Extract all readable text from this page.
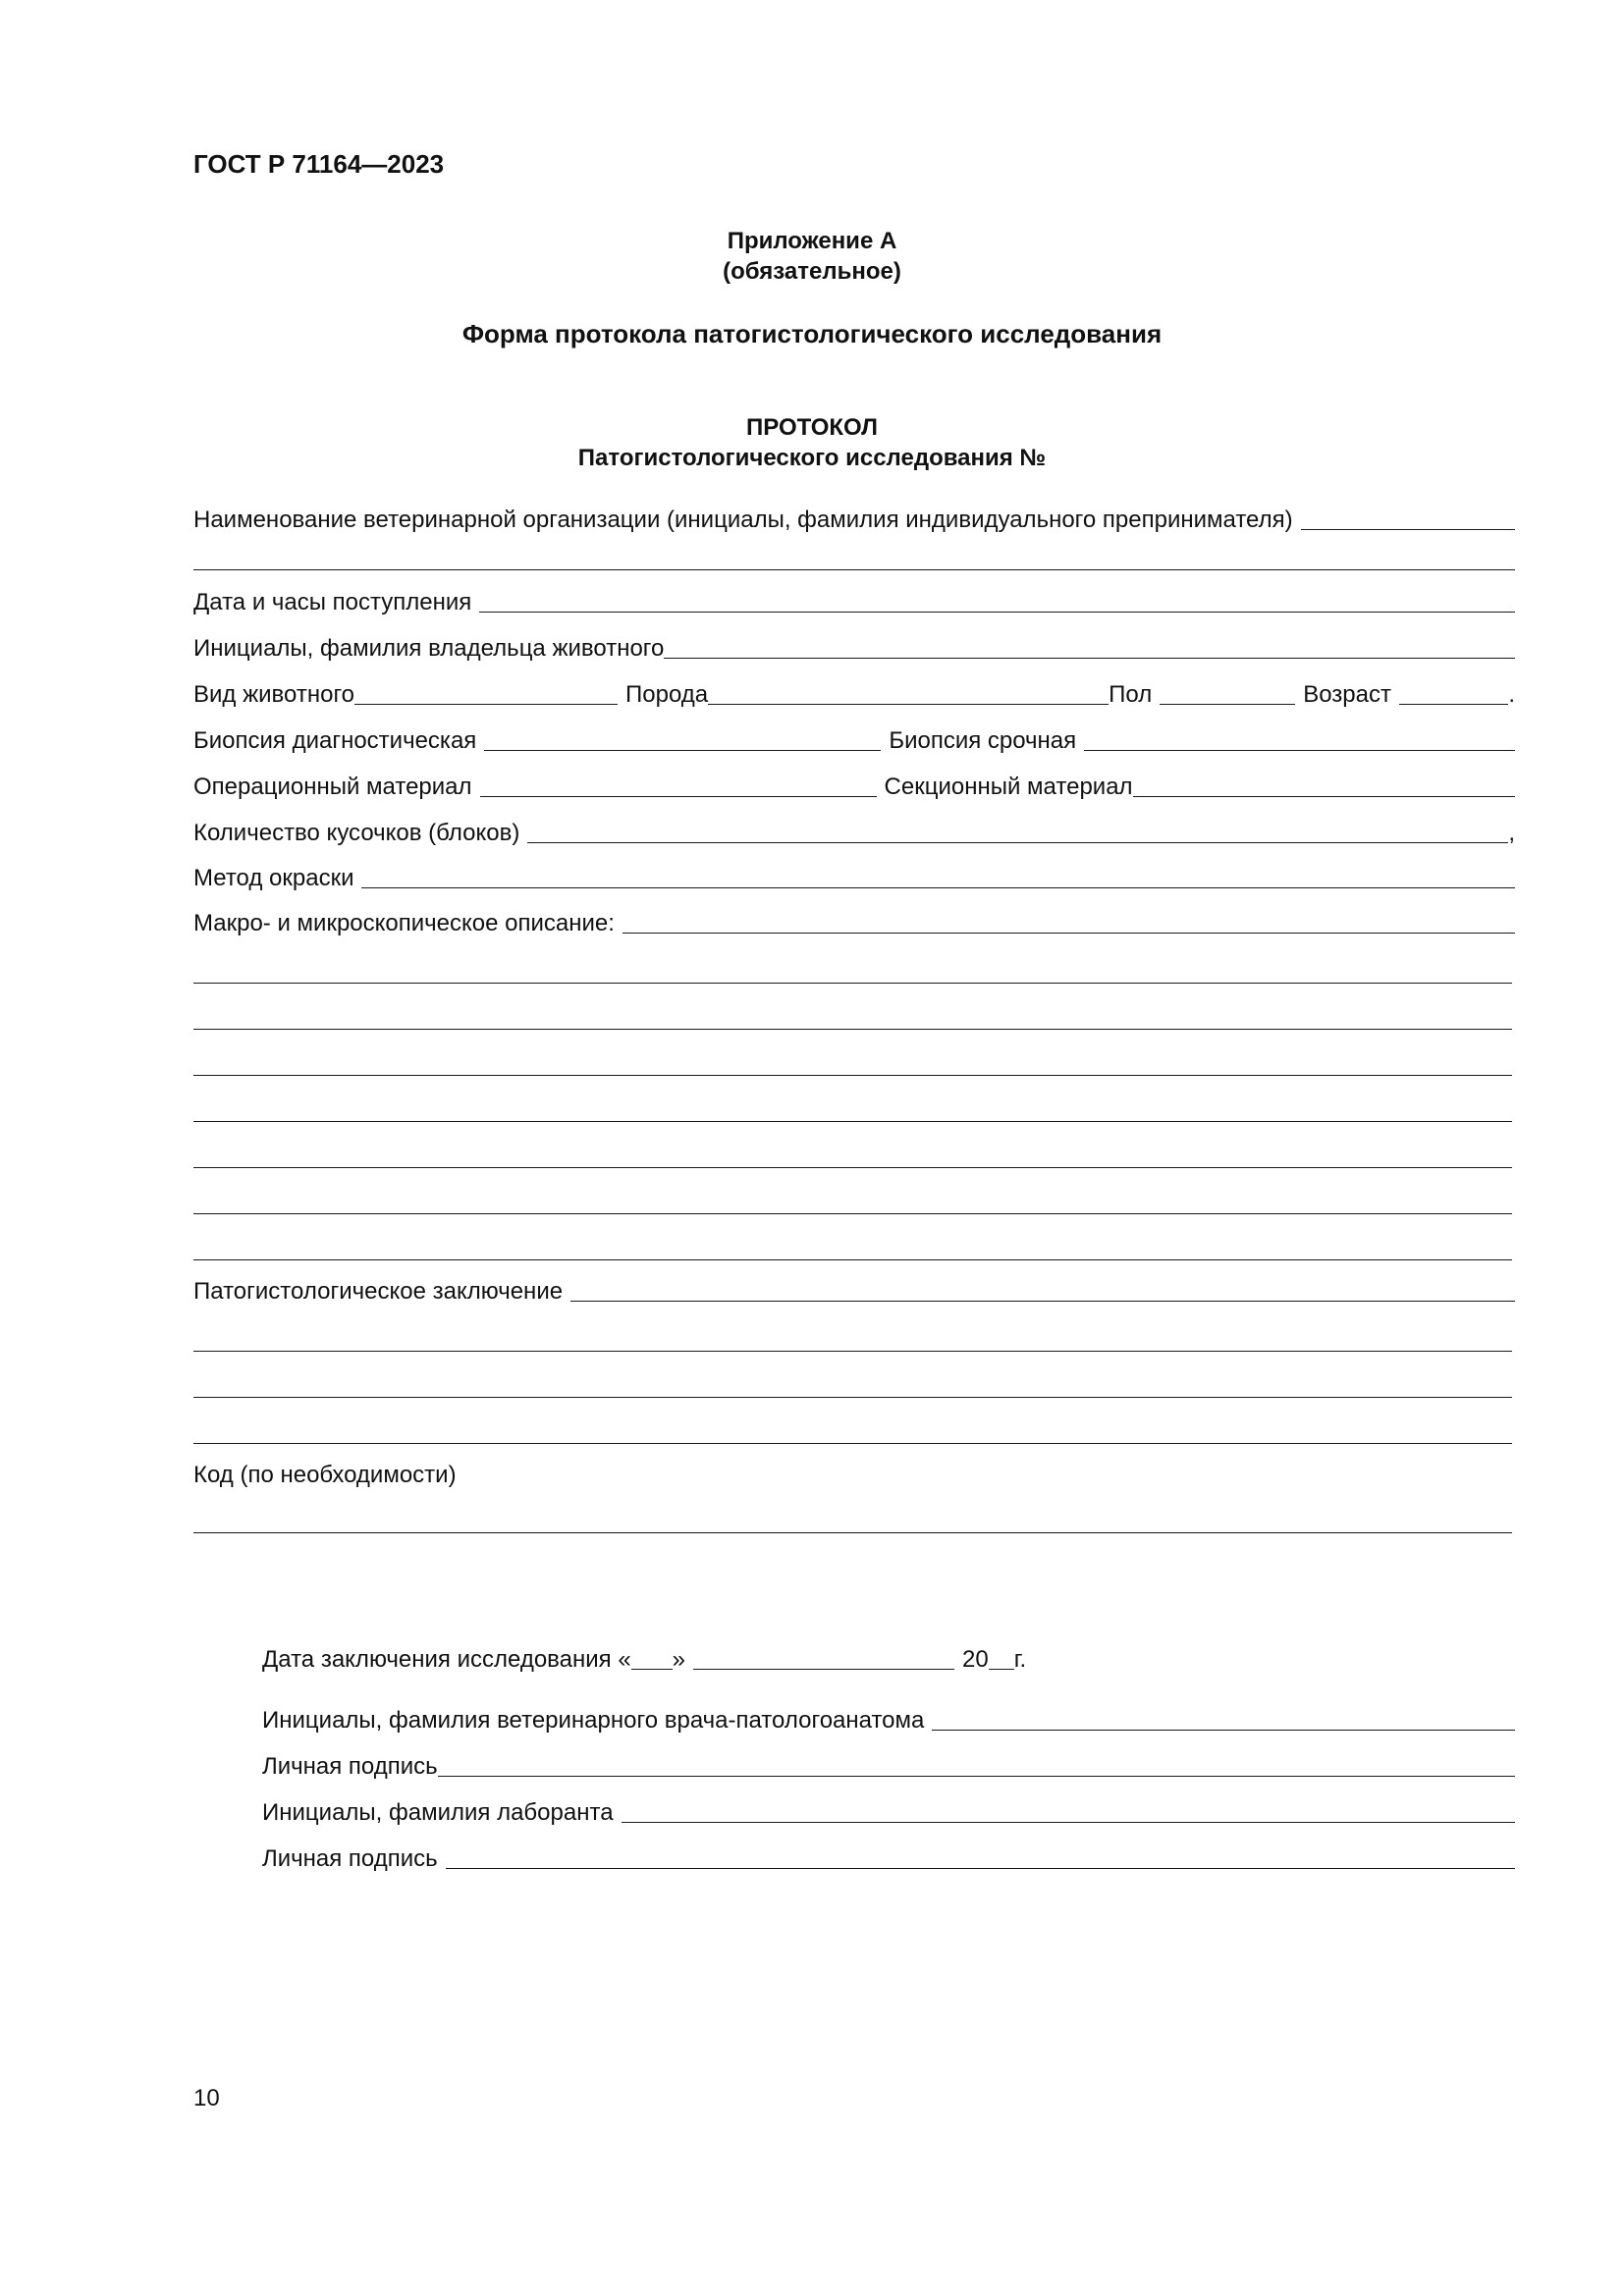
ГОСТ Р 71164—2023
Приложение А
(обязательное)
Форма протокола патогистологического исследования
ПРОТОКОЛ
Патогистологического исследования №
Наименование ветеринарной организации (инициалы, фамилия индивидуального препринимателя)
Дата и часы поступления
Инициалы, фамилия владельца животного
Вид животного	Порода	Пол	Возраст	.
Биопсия диагностическая	Биопсия срочная
Операционный материал	Секционный материал
Количество кусочков (блоков)	,
Метод окраски
Макро- и микроскопическое описание:
Патогистологическое заключение
Код (по необходимости)
Дата заключения исследования « »	20 г.
Инициалы, фамилия ветеринарного врача-патологоанатома
Личная подпись
Инициалы, фамилия лаборанта
Личная подпись
10
